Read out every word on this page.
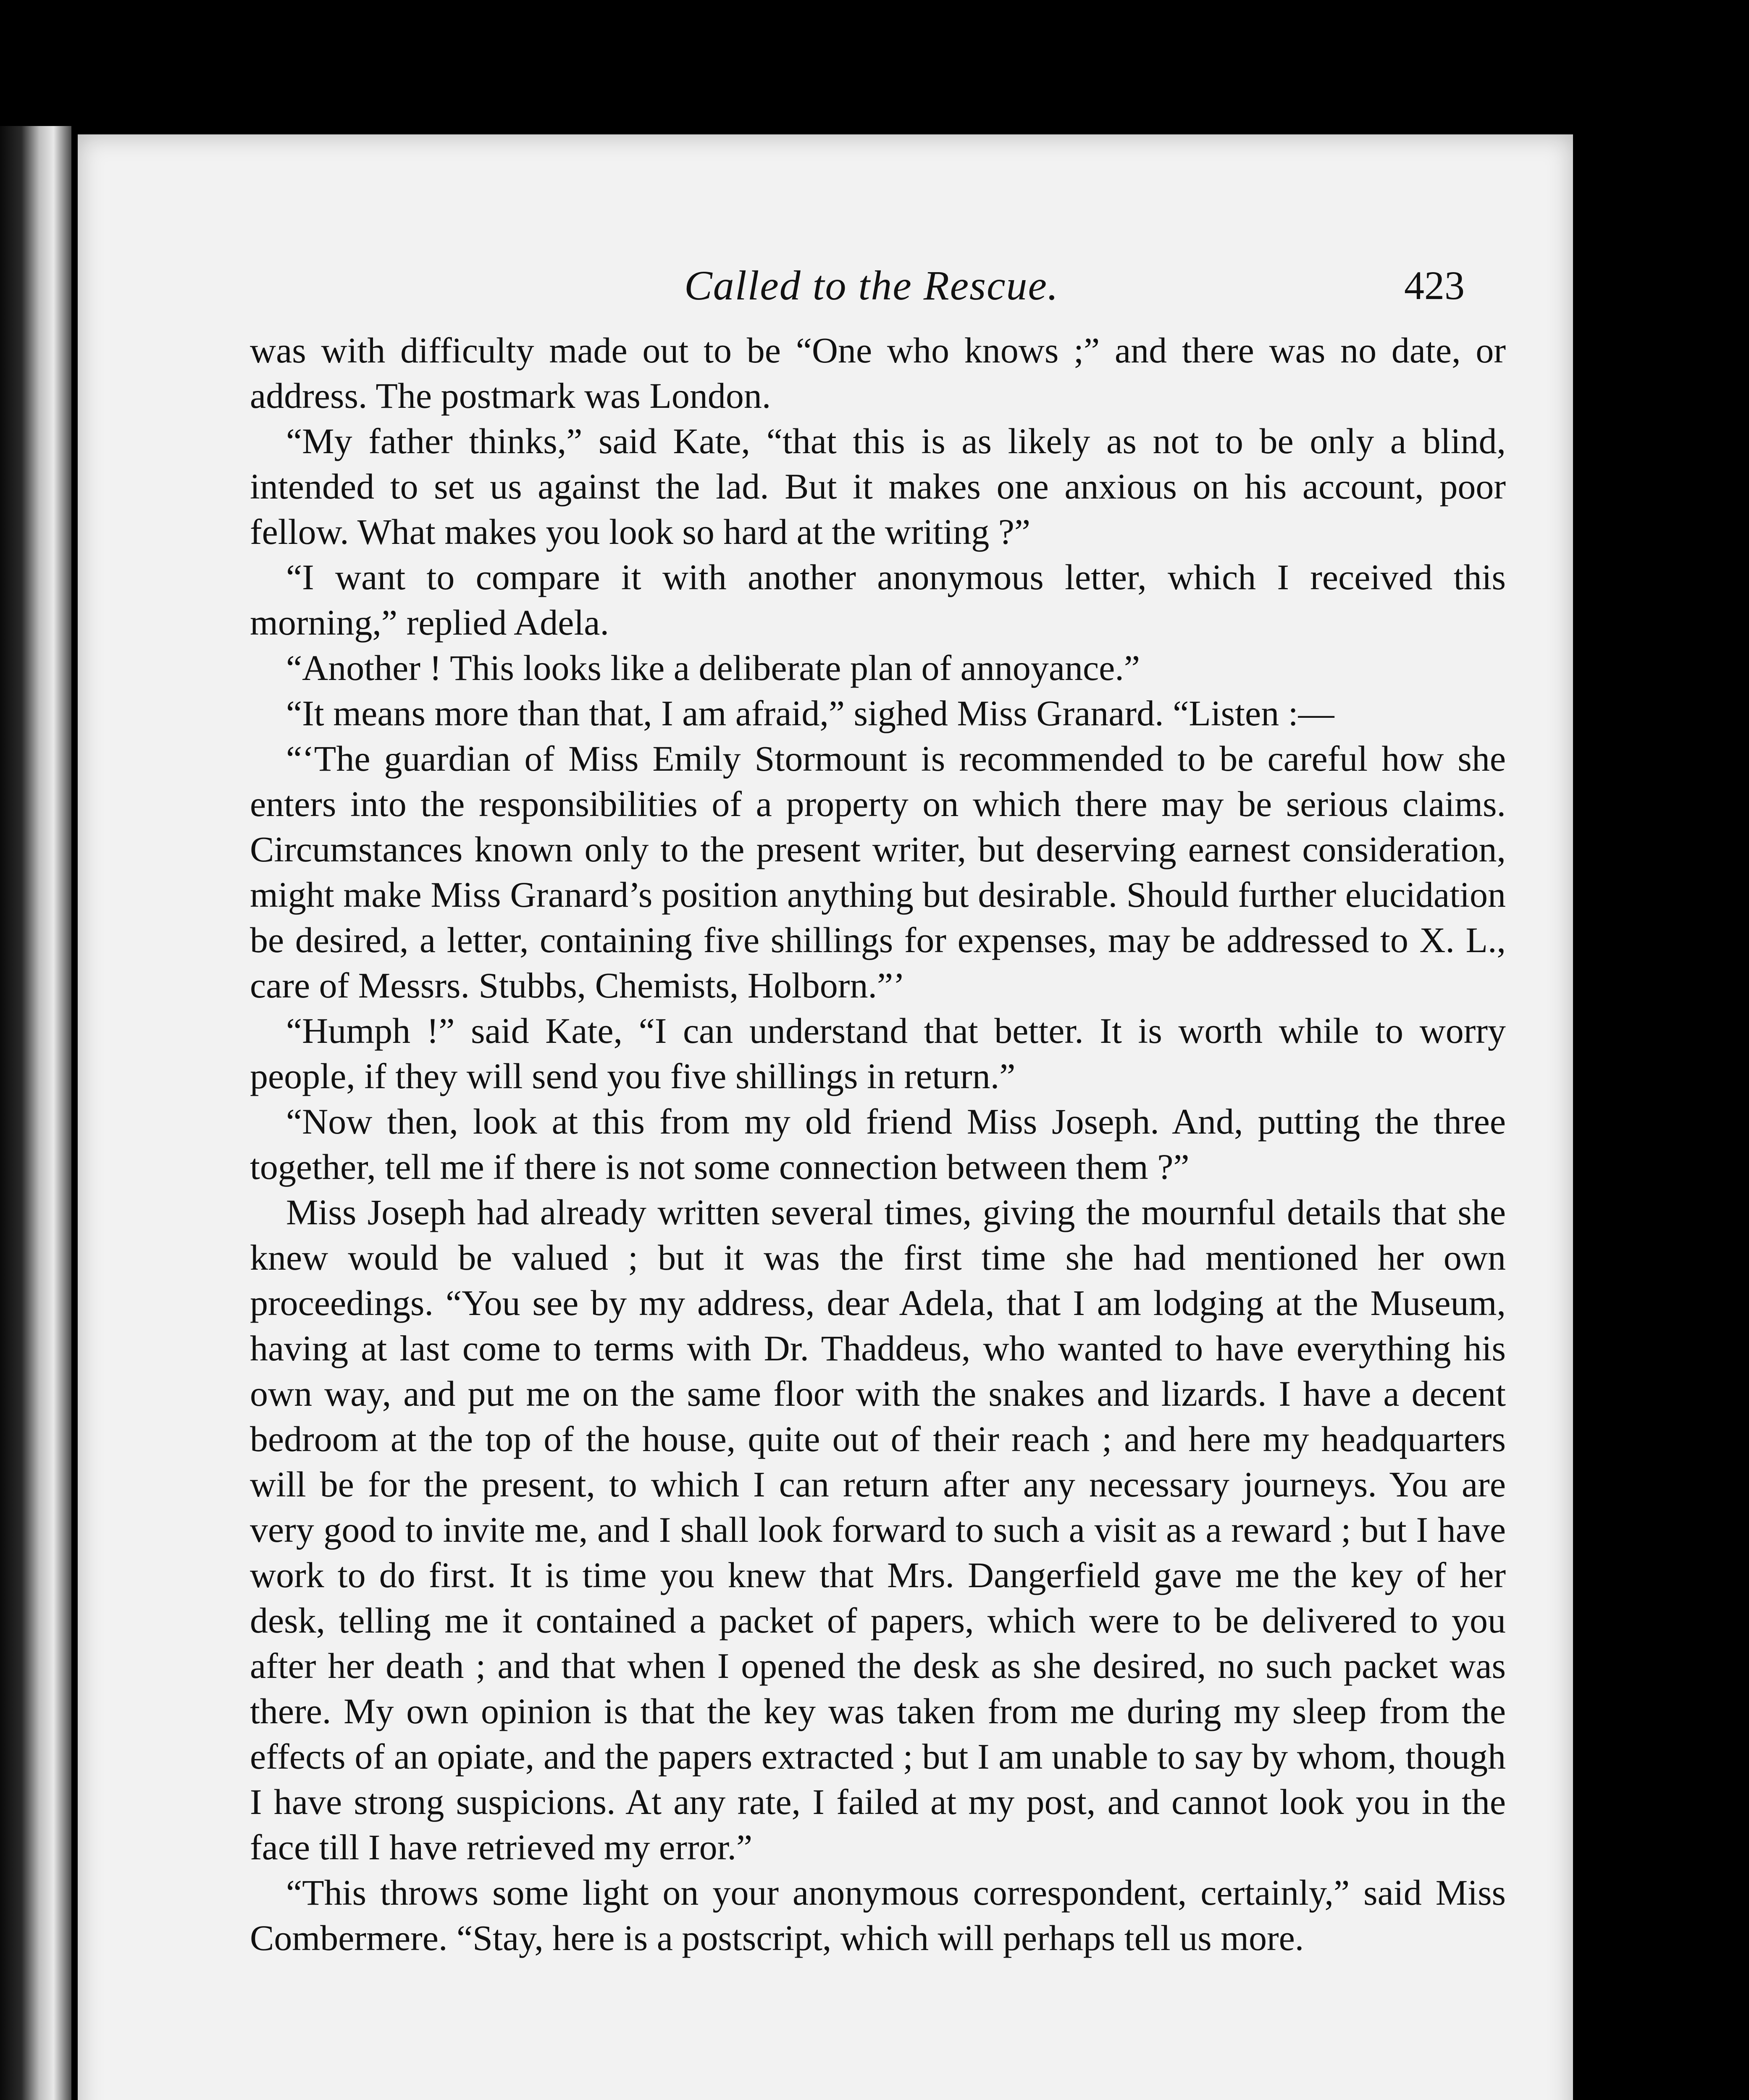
Called to the Rescue.	423

was with difficulty made out to be “One who knows ;” and there was no date, or address. The postmark was London.

“My father thinks,” said Kate, “that this is as likely as not to be only a blind, intended to set us against the lad. But it makes one anxious on his account, poor fellow. What makes you look so hard at the writing ?”

“I want to compare it with another anonymous letter, which I received this morning,” replied Adela.

“Another ! This looks like a deliberate plan of annoyance.”

“It means more than that, I am afraid,” sighed Miss Granard. “Listen :—

“‘The guardian of Miss Emily Stormount is recommended to be careful how she enters into the responsibilities of a property on which there may be serious claims. Circumstances known only to the present writer, but deserving earnest consideration, might make Miss Granard’s position anything but desirable. Should further elucidation be desired, a letter, containing five shillings for expenses, may be addressed to X. L., care of Messrs. Stubbs, Chemists, Holborn.”’

“Humph !” said Kate, “I can understand that better. It is worth while to worry people, if they will send you five shillings in return.”

“Now then, look at this from my old friend Miss Joseph. And, putting the three together, tell me if there is not some connection between them ?”

Miss Joseph had already written several times, giving the mournful details that she knew would be valued ; but it was the first time she had mentioned her own proceedings. “You see by my address, dear Adela, that I am lodging at the Museum, having at last come to terms with Dr. Thaddeus, who wanted to have everything his own way, and put me on the same floor with the snakes and lizards. I have a decent bedroom at the top of the house, quite out of their reach ; and here my headquarters will be for the present, to which I can return after any necessary journeys. You are very good to invite me, and I shall look forward to such a visit as a reward ; but I have work to do first. It is time you knew that Mrs. Dangerfield gave me the key of her desk, telling me it contained a packet of papers, which were to be delivered to you after her death ; and that when I opened the desk as she desired, no such packet was there. My own opinion is that the key was taken from me during my sleep from the effects of an opiate, and the papers extracted ; but I am unable to say by whom, though I have strong suspicions. At any rate, I failed at my post, and cannot look you in the face till I have retrieved my error.”

“This throws some light on your anonymous correspondent, certainly,” said Miss Combermere. “Stay, here is a postscript, which will perhaps tell us more.
